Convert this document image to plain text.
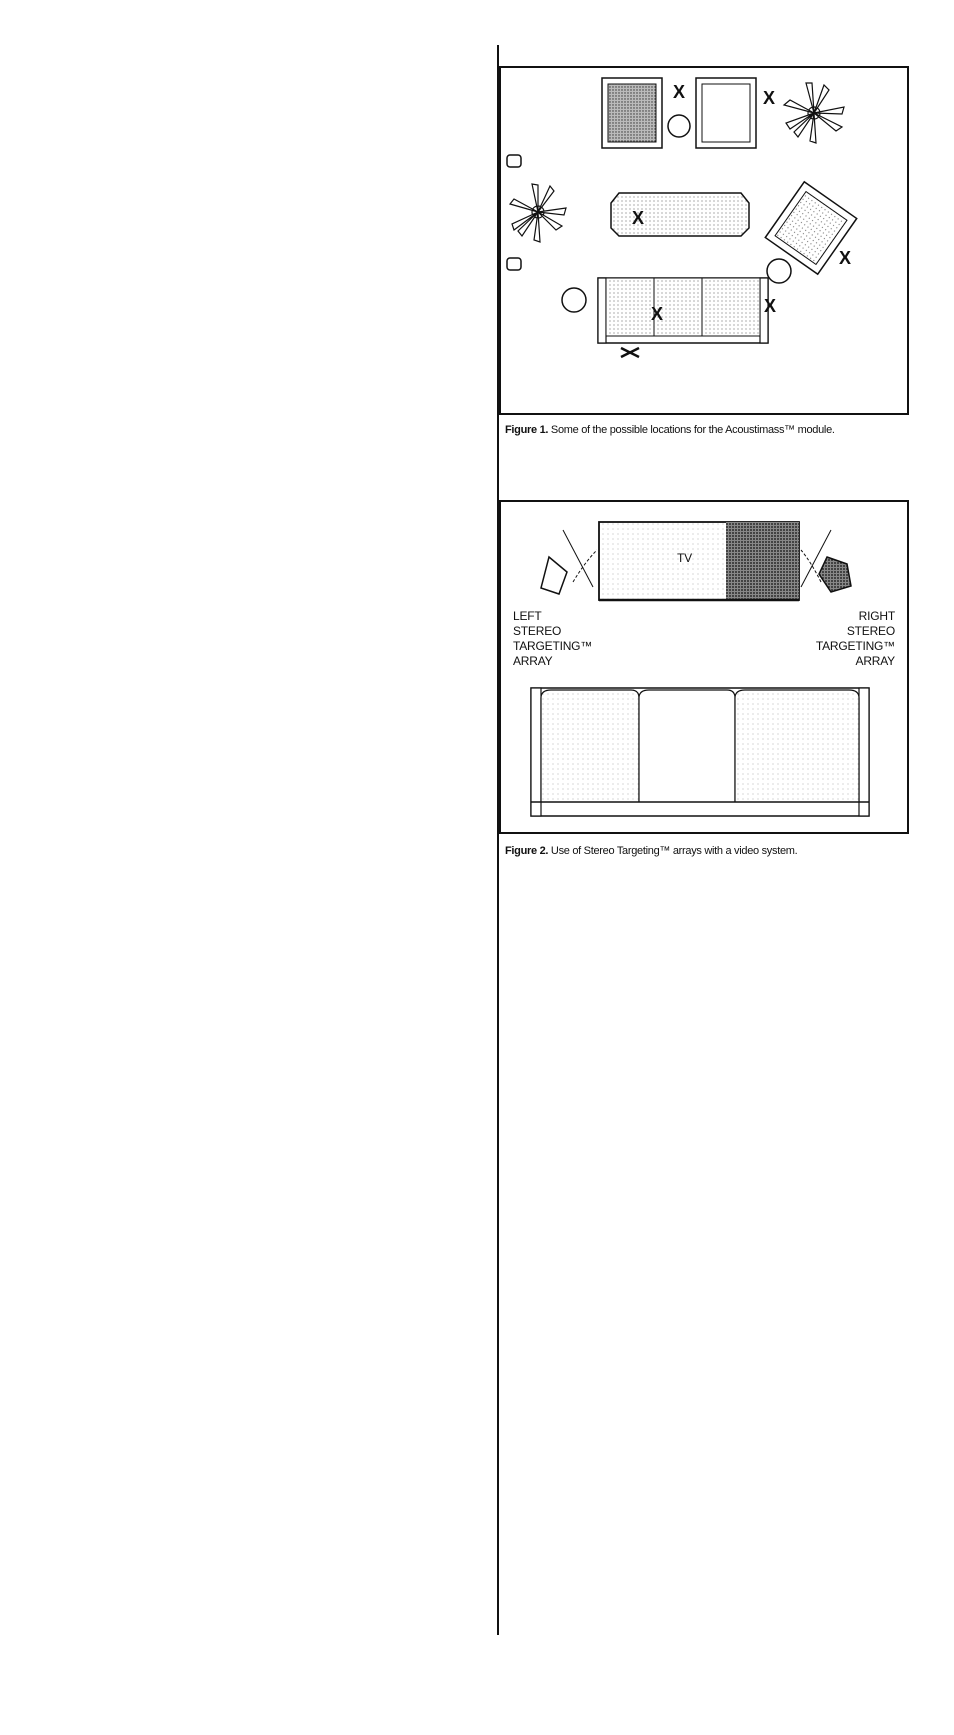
X	X
X
X
X
X
Figure 1. Some of the possible locations for the Acoustimass™ module.
TV
LEFT
STEREO
TARGETING™
ARRAY
RIGHT
STEREO
TARGETING™
ARRAY
Figure 2. Use of Stereo Targeting™ arrays with a video system.
